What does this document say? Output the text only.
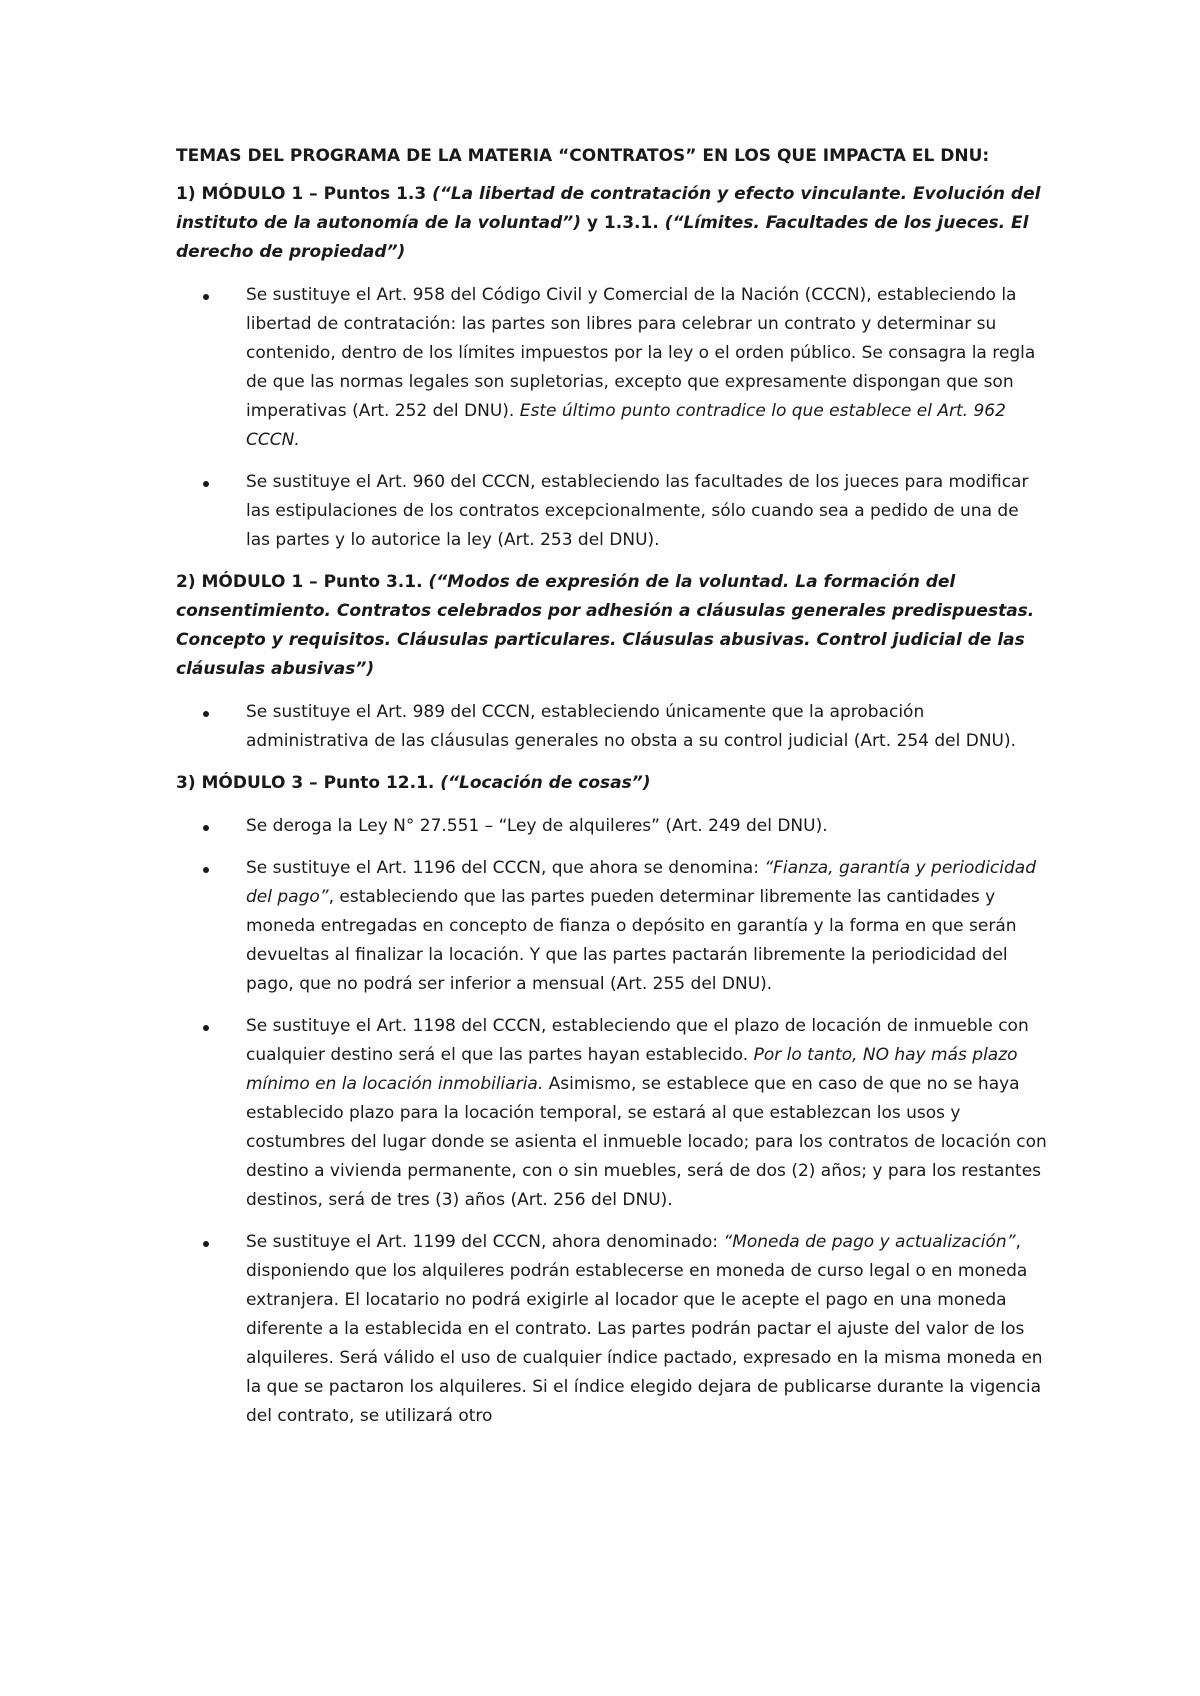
TEMAS DEL PROGRAMA DE LA MATERIA “CONTRATOS” EN LOS QUE IMPACTA EL DNU:

1) MÓDULO 1 – Puntos 1.3 (“La libertad de contratación y efecto vinculante. Evolución del instituto de la autonomía de la voluntad”) y 1.3.1. (“Límites. Facultades de los jueces. El derecho de propiedad”)

Se sustituye el Art. 958 del Código Civil y Comercial de la Nación (CCCN), estableciendo la libertad de contratación: las partes son libres para celebrar un contrato y determinar su contenido, dentro de los límites impuestos por la ley o el orden público. Se consagra la regla de que las normas legales son supletorias, excepto que expresamente dispongan que son imperativas (Art. 252 del DNU). Este último punto contradice lo que establece el Art. 962 CCCN.
Se sustituye el Art. 960 del CCCN, estableciendo las facultades de los jueces para modificar las estipulaciones de los contratos excepcionalmente, sólo cuando sea a pedido de una de las partes y lo autorice la ley (Art. 253 del DNU).

2) MÓDULO 1 – Punto 3.1. (“Modos de expresión de la voluntad. La formación del consentimiento. Contratos celebrados por adhesión a cláusulas generales predispuestas. Concepto y requisitos. Cláusulas particulares. Cláusulas abusivas. Control judicial de las cláusulas abusivas”)

Se sustituye el Art. 989 del CCCN, estableciendo únicamente que la aprobación administrativa de las cláusulas generales no obsta a su control judicial (Art. 254 del DNU).

3) MÓDULO 3 – Punto 12.1. (“Locación de cosas”)

Se deroga la Ley N° 27.551 – “Ley de alquileres” (Art. 249 del DNU).
Se sustituye el Art. 1196 del CCCN, que ahora se denomina: “Fianza, garantía y periodicidad del pago”, estableciendo que las partes pueden determinar libremente las cantidades y moneda entregadas en concepto de fianza o depósito en garantía y la forma en que serán devueltas al finalizar la locación. Y que las partes pactarán libremente la periodicidad del pago, que no podrá ser inferior a mensual (Art. 255 del DNU).
Se sustituye el Art. 1198 del CCCN, estableciendo que el plazo de locación de inmueble con cualquier destino será el que las partes hayan establecido. Por lo tanto, NO hay más plazo mínimo en la locación inmobiliaria. Asimismo, se establece que en caso de que no se haya establecido plazo para la locación temporal, se estará al que establezcan los usos y costumbres del lugar donde se asienta el inmueble locado; para los contratos de locación con destino a vivienda permanente, con o sin muebles, será de dos (2) años; y para los restantes destinos, será de tres (3) años (Art. 256 del DNU).
Se sustituye el Art. 1199 del CCCN, ahora denominado: “Moneda de pago y actualización”, disponiendo que los alquileres podrán establecerse en moneda de curso legal o en moneda extranjera. El locatario no podrá exigirle al locador que le acepte el pago en una moneda diferente a la establecida en el contrato. Las partes podrán pactar el ajuste del valor de los alquileres. Será válido el uso de cualquier índice pactado, expresado en la misma moneda en la que se pactaron los alquileres. Si el índice elegido dejara de publicarse durante la vigencia del contrato, se utilizará otro
